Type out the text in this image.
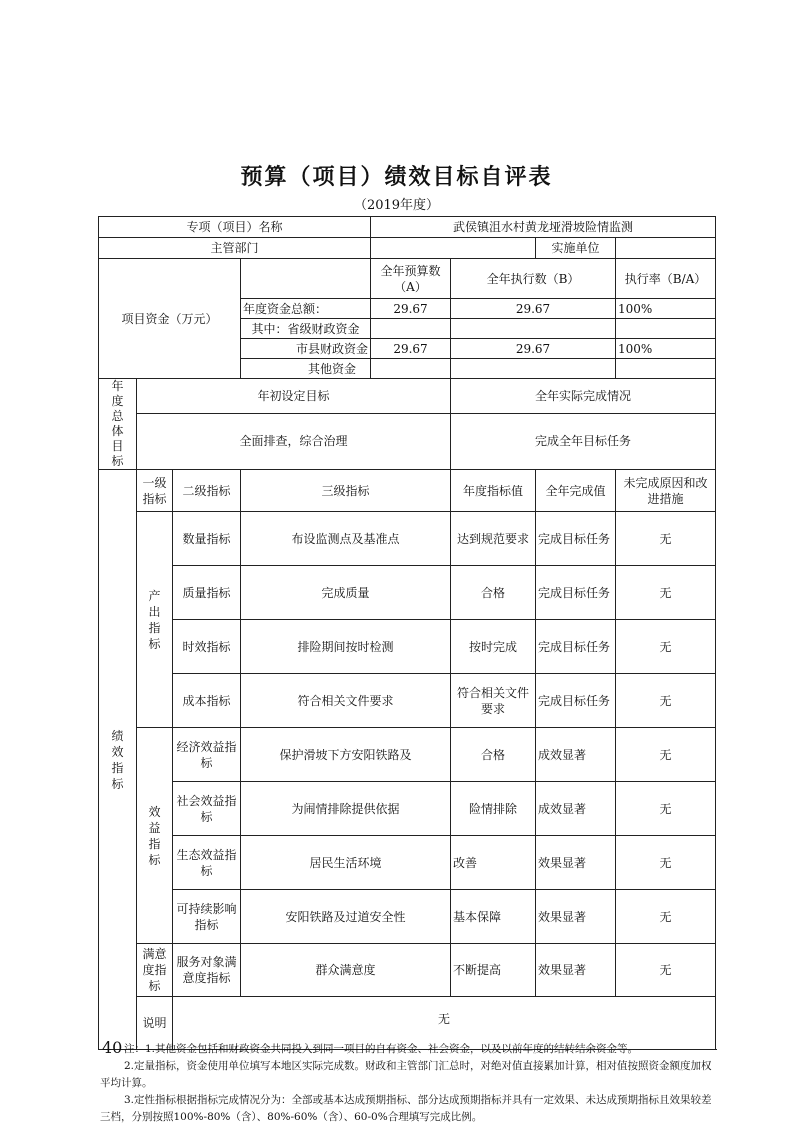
预算（项目）绩效目标自评表
（2019年度）
专项（项目）名称				武侯镇沮水村黄龙垭滑坡险情监测			
主管部门						实施单位	
项目资金（万元）				全年预算数（A）	全年执行数（B）		执行率（B/A）
			年度资金总额：	29.67	29.67		100%
			其中：省级财政资金				
			市县财政资金	29.67	29.67		100%
			其他资金				
年度总体目标	年初设定目标				全年实际完成情况		
	全面排查，综合治理				完成全年目标任务		
绩效指标	一级指标	二级指标	三级指标		年度指标值	全年完成值	未完成原因和改进措施
	产出指标	数量指标	布设监测点及基准点		达到规范要求	完成目标任务	无
		质量指标	完成质量		合格	完成目标任务	无
		时效指标	排险期间按时检测		按时完成	完成目标任务	无
		成本指标	符合相关文件要求		符合相关文件要求	完成目标任务	无
	效益指标	经济效益指标	保护滑坡下方安阳铁路及		合格	成效显著	无
		社会效益指标	为闹情排除提供依据		险情排除	成效显著	无
		生态效益指标	居民生活环境		改善	效果显著	无
		可持续影响指标	安阳铁路及过道安全性		基本保障	效果显著	无
	满意度指标	服务对象满意度指标	群众满意度		不断提高	效果显著	无
	说明	无					
40 注：1.其他资金包括和财政资金共同投入到同一项目的自有资金、社会资金，以及以前年度的结转结余资金等。

2.定量指标，资金使用单位填写本地区实际完成数。财政和主管部门汇总时，对绝对值直接累加计算，相对值按照资金额度加权平均计算。

3.定性指标根据指标完成情况分为：全部或基本达成预期指标、部分达成预期指标并具有一定效果、未达成预期指标且效果较差三档，分别按照100%-80%（含）、80%-60%（含）、60-0%合理填写完成比例。
